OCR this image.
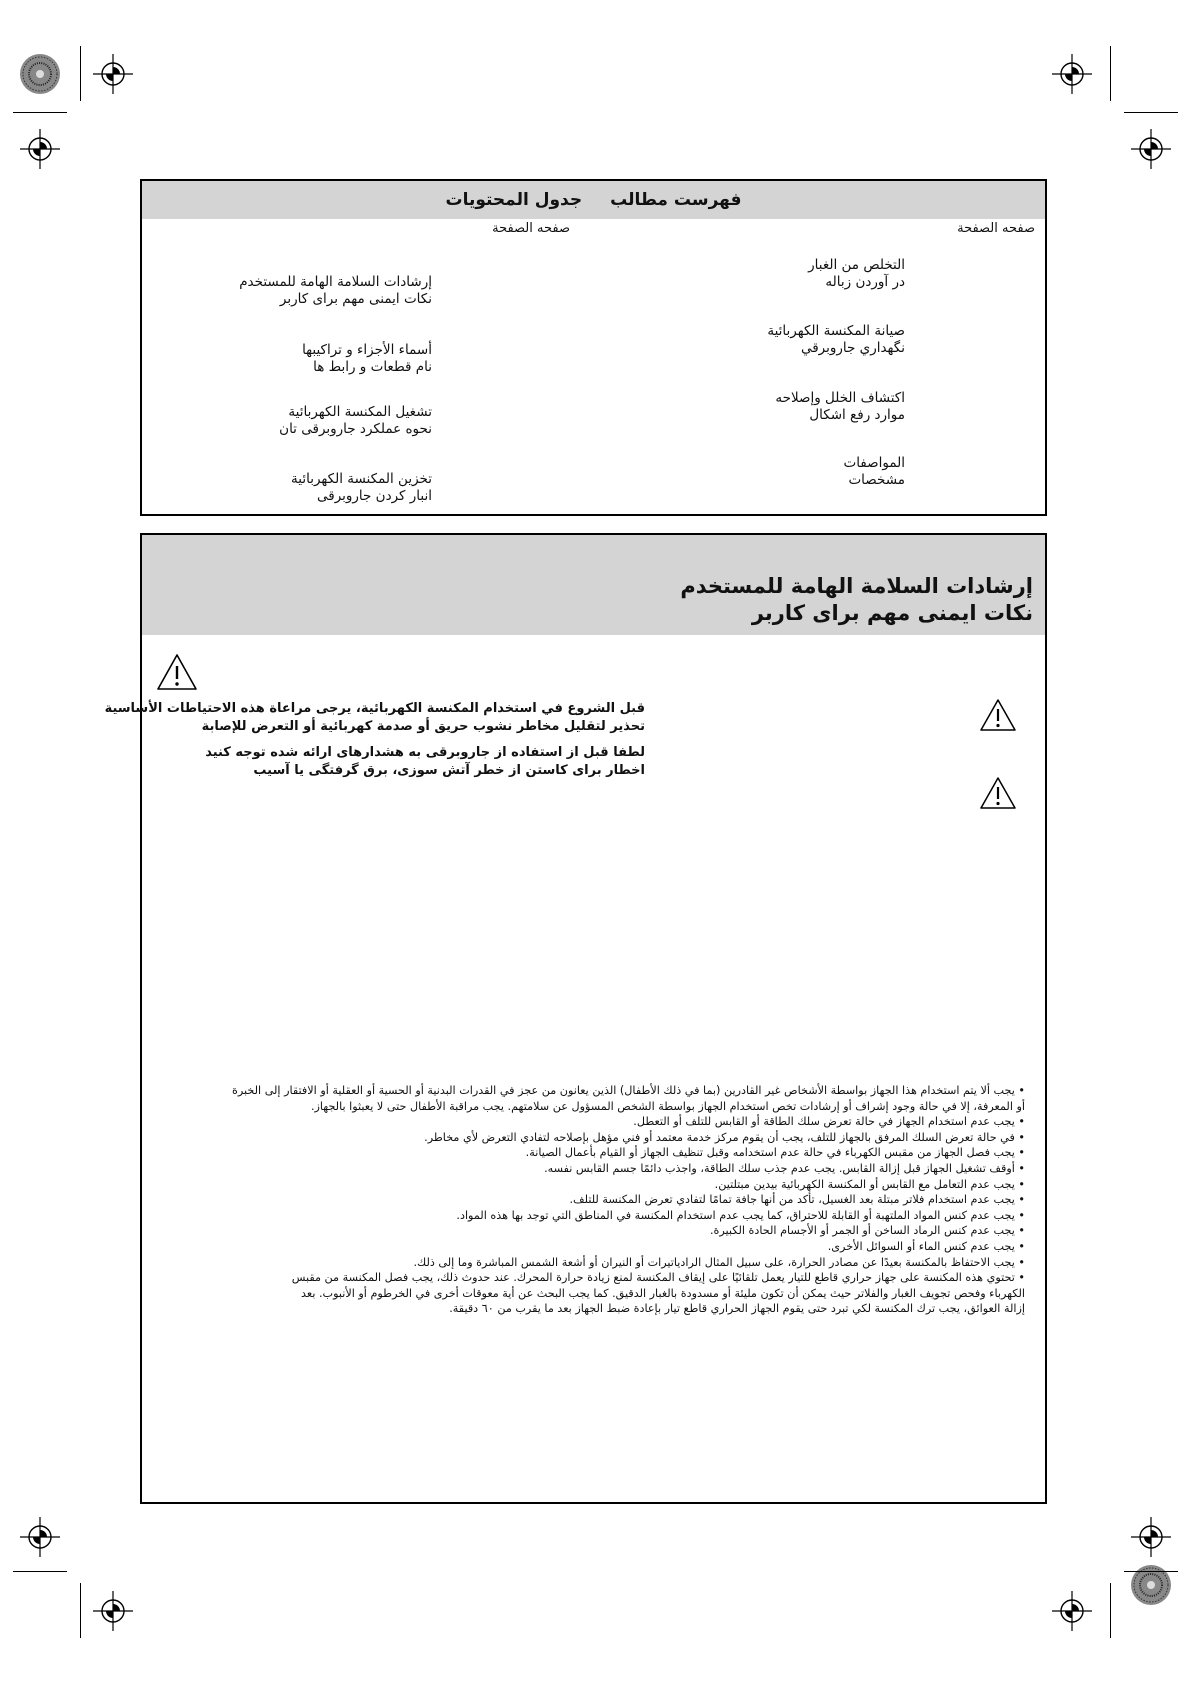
فهرست مطالب
جدول المحتويات
صفحه الصفحة
صفحه الصفحة
إرشادات السلامة الهامة للمستخدم
نکات ایمنی مهم برای کاربر
أسماء الأجزاء و تراكيبها
نام قطعات و رابط ها
تشغيل المكنسة الكهربائية
نحوه عملکرد جاروبرقی تان
تخزين المكنسة الكهربائية
انبار کردن جاروبرقی
التخلص من الغبار
در آوردن زباله
صيانة المكنسة الكهربائية
نگهداري جاروبرقي
اكتشاف الخلل وإصلاحه
موارد رفع اشكال
المواصفات
مشخصات
إرشادات السلامة الهامة للمستخدم
نکات ایمنی مهم برای کاربر
قبل الشروع في استخدام المكنسة الكهربائية، يرجى مراعاة هذه الاحتياطات الأساسية
تحذير لتقليل مخاطر نشوب حريق أو صدمة كهربائية أو التعرض للإصابة
لطفا قبل از استفاده از جاروبرقی به هشدارهای ارائه شده توجه كنيد
اخطار برای كاستن از خطر آتش سوزی، برق گرفتگی يا آسيب
• يجب ألا يتم استخدام هذا الجهاز بواسطة الأشخاص غير القادرين (بما في ذلك الأطفال) الذين يعانون من عجز في القدرات البدنية أو الحسية أو العقلية أو الافتقار إلى الخبرة
أو المعرفة، إلا في حالة وجود إشراف أو إرشادات تخص استخدام الجهاز بواسطة الشخص المسؤول عن سلامتهم. يجب مراقبة الأطفال حتى لا يعبثوا بالجهاز.
• يجب عدم استخدام الجهاز في حالة تعرض سلك الطاقة أو القابس للتلف أو التعطل.
• في حالة تعرض السلك المرفق بالجهاز للتلف، يجب أن يقوم مركز خدمة معتمد أو فني مؤهل بإصلاحه لتفادي التعرض لأي مخاطر.
• يجب فصل الجهاز من مقبس الكهرباء في حالة عدم استخدامه وقبل تنظيف الجهاز أو القيام بأعمال الصيانة.
• أوقف تشغيل الجهاز قبل إزالة القابس. يجب عدم جذب سلك الطاقة، واجذب دائمًا جسم القابس نفسه.
• يجب عدم التعامل مع القابس أو المكنسة الكهربائية بيدين مبتلتين.
• يجب عدم استخدام فلاتر مبتلة بعد الغسيل، تأكد من أنها جافة تمامًا لتفادي تعرض المكنسة للتلف.
• يجب عدم كنس المواد الملتهبة أو القابلة للاحتراق، كما يجب عدم استخدام المكنسة في المناطق التي توجد بها هذه المواد.
• يجب عدم كنس الرماد الساخن أو الجمر أو الأجسام الحادة الكبيرة.
• يجب عدم كنس الماء أو السوائل الأخرى.
• يجب الاحتفاظ بالمكنسة بعيدًا عن مصادر الحرارة، على سبيل المثال الرادياتيرات أو النيران أو أشعة الشمس المباشرة وما إلى ذلك.
• تحتوي هذه المكنسة على جهاز حراري قاطع للتيار يعمل تلقائيًا على إيقاف المكنسة لمنع زيادة حرارة المحرك. عند حدوث ذلك، يجب فصل المكنسة من مقبس
الكهرباء وفحص تجويف الغبار والفلاتر حيث يمكن أن تكون مليئة أو مسدودة بالغبار الدقيق. كما يجب البحث عن أية معوقات أخرى في الخرطوم أو الأنبوب. بعد
إزالة العوائق، يجب ترك المكنسة لكي تبرد حتى يقوم الجهاز الحراري قاطع تيار بإعادة ضبط الجهاز بعد ما يقرب من ٦٠ دقيقة.
